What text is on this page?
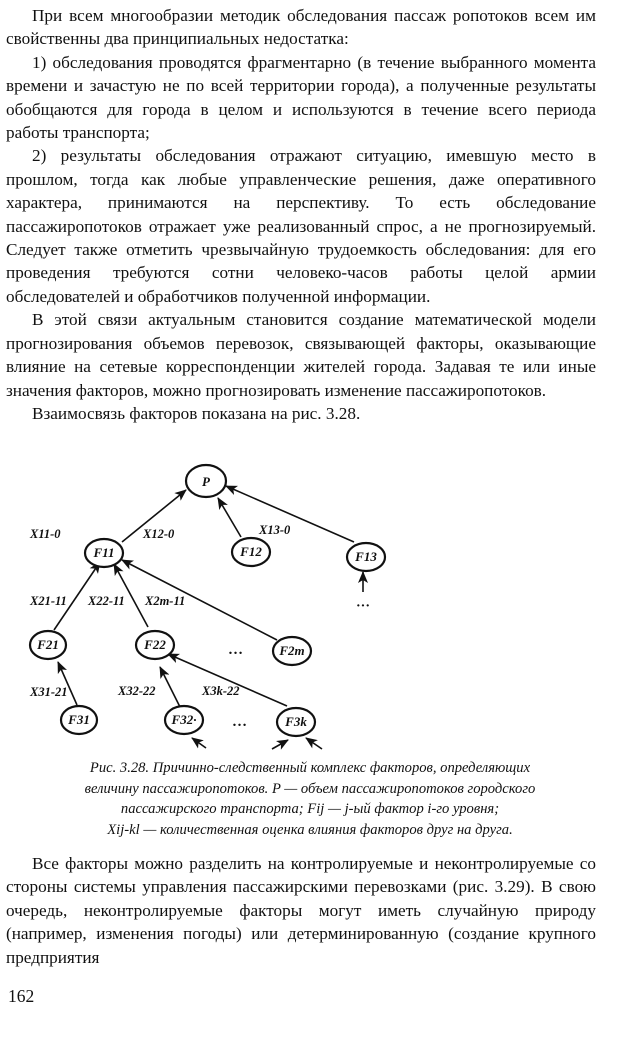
При всем многообразии методик обследования пассаж ропотоков всем им свойственны два принципиальных недостатка:

1) обследования проводятся фрагментарно (в течение выбранного момента времени и зачастую не по всей территории города), а полученные результаты обобщаются для города в целом и используются в течение всего периода работы транспорта;

2) результаты обследования отражают ситуацию, имевшую место в прошлом, тогда как любые управленческие решения, даже оперативного характера, принимаются на перспективу. То есть обследование пассажиропотоков отражает уже реализованный спрос, а не прогнозируемый. Следует также отметить чрезвычайную трудоемкость обследования: для его проведения требуются сотни человеко-часов работы целой армии обследователей и обработчиков полученной информации.

В этой связи актуальным становится создание математической модели прогнозирования объемов перевозок, связывающей факторы, оказывающие влияние на сетевые корреспонденции жителей города. Задавая те или иные значения факторов, можно прогнозировать изменение пассажиропотоков.

Взаимосвязь факторов показана на рис. 3.28.

P
F11	F12	F13
F21	F22	F2m
F31	F32·	F3k
X11-0	X12-0	X13-0
X21-11 X22-11 X2m-11
X31-21	X32-22	X3k-22
…
…
···
Рис. 3.28. Причинно-следственный комплекс факторов, определяющих
величину пассажиропотоков. P — объем пассажиропотоков городского
пассажирского транспорта; Fij — j-ый фактор i-го уровня;
Xij-kl — количественная оценка влияния факторов друг на друга.

Все факторы можно разделить на контролируемые и неконтролируемые со стороны системы управления пассажирскими перевозками (рис. 3.29). В свою очередь, неконтролируемые факторы могут иметь случайную природу (например, изменения погоды) или детерминированную (создание крупного предприятия

162
